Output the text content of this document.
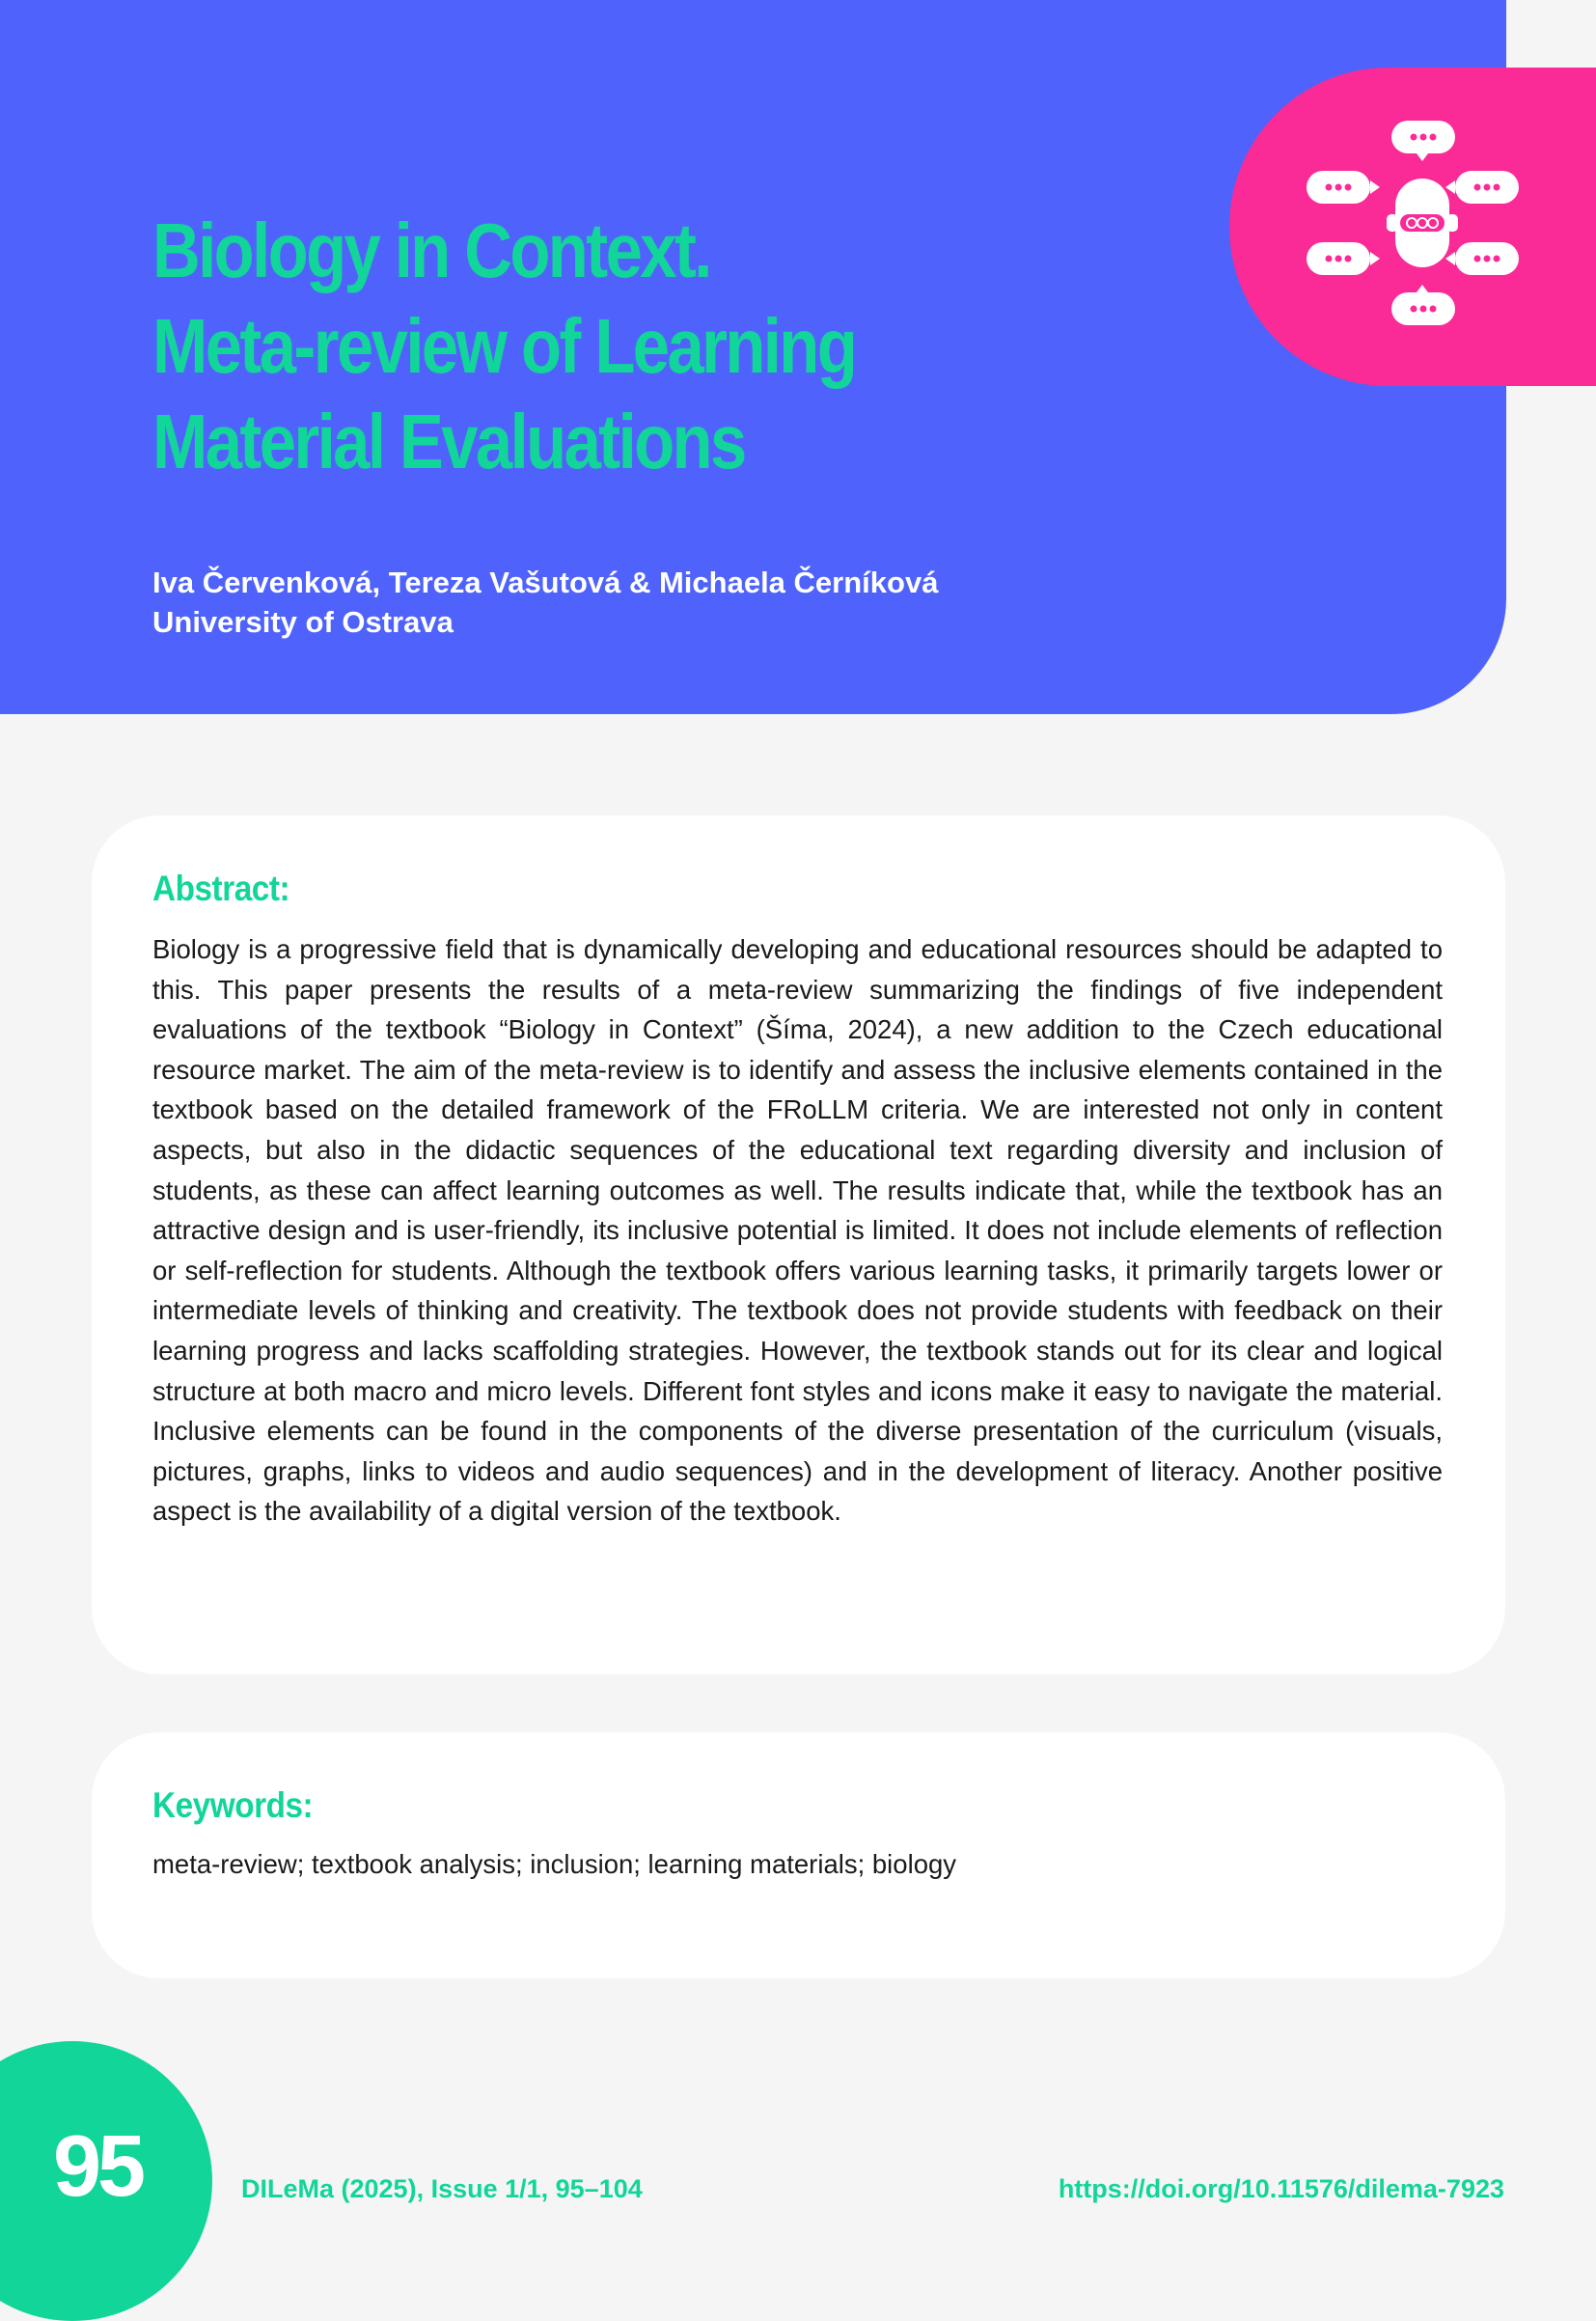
Biology in Context.
Meta-review of Learning
Material Evaluations
Iva Červenková, Tereza Vašutová & Michaela Černíková
University of Ostrava
Abstract:

Biology is a progressive field that is dynamically developing and educational resources should be adapted to this. This paper presents the results of a meta-review summarizing the findings of five independent evaluations of the textbook “Biology in Context” (Šíma, 2024), a new addition to the Czech educational resource market. The aim of the meta-review is to identify and assess the inclusive elements contained in the textbook based on the detailed framework of the FRoLLM criteria. We are interested not only in content aspects, but also in the didactic sequences of the educational text regarding diversity and inclusion of students, as these can affect learning outcomes as well. The results indicate that, while the textbook has an attractive design and is user-friendly, its inclusive potential is limited. It does not include elements of reflection or self-reflection for students. Although the textbook offers various learning tasks, it primarily targets lower or intermediate levels of thinking and creativity. The textbook does not provide students with feedback on their learning progress and lacks scaffolding strategies. However, the textbook stands out for its clear and logical structure at both macro and micro levels. Different font styles and icons make it easy to navigate the material. Inclusive elements can be found in the components of the diverse presentation of the curriculum (visuals, pictures, graphs, links to videos and audio sequences) and in the development of literacy. Another positive aspect is the availability of a digital version of the textbook.

Keywords:

meta-review; textbook analysis; inclusion; learning materials; biology

95	DILeMa (2025), Issue 1/1, 95–104	https://doi.org/10.11576/dilema-7923
